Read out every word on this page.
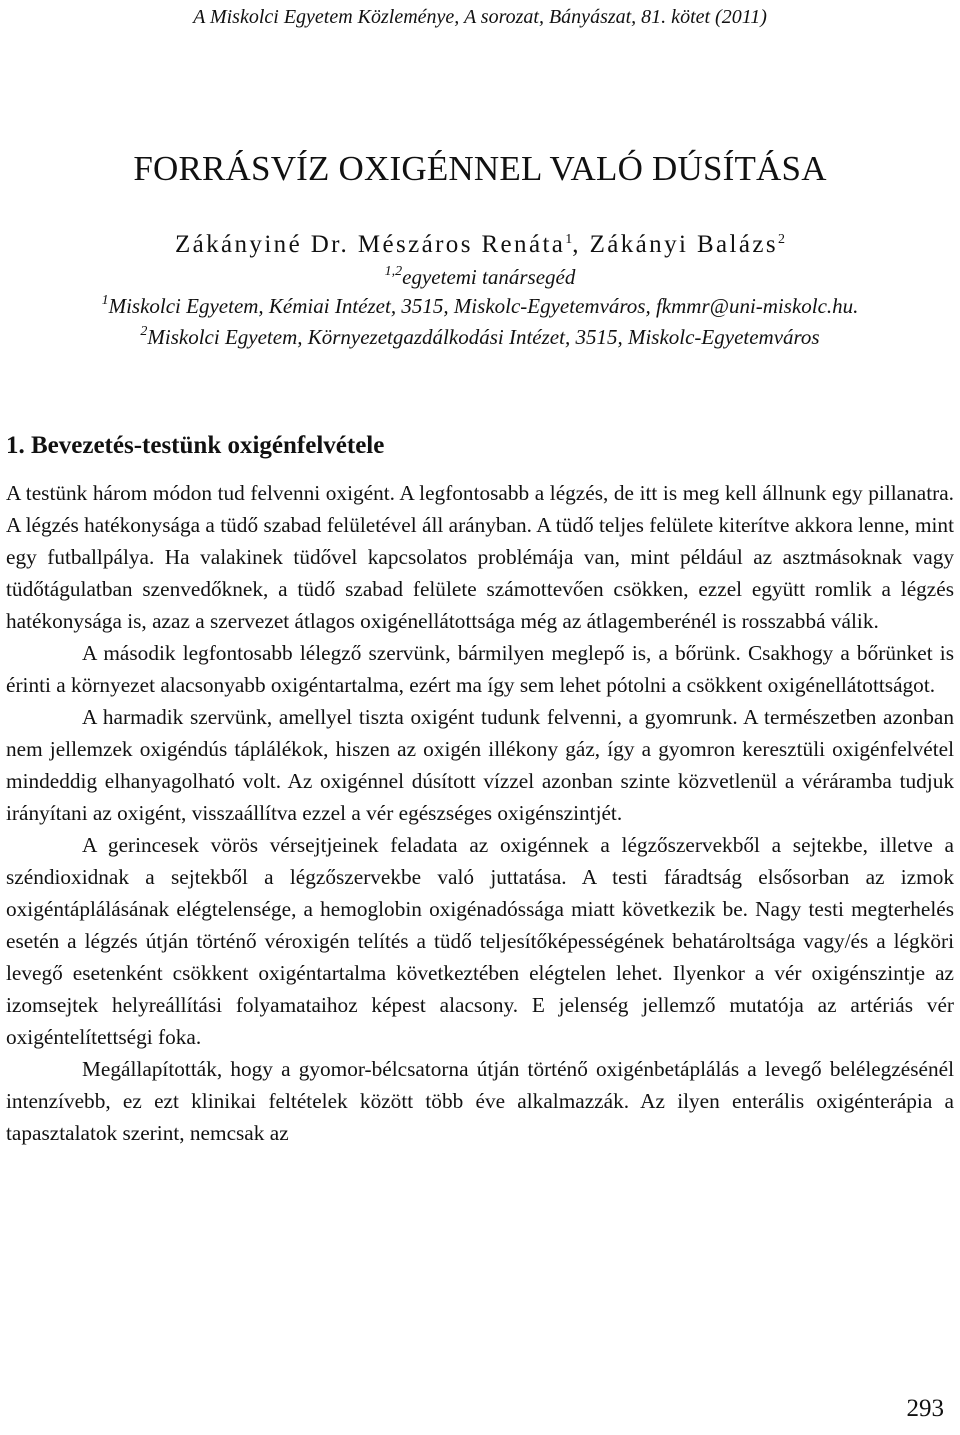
A Miskolci Egyetem Közleménye, A sorozat, Bányászat, 81. kötet (2011)
FORRÁSVÍZ OXIGÉNNEL VALÓ DÚSÍTÁSA
Zákányiné Dr. Mészáros Renáta$^1$, Zákányi Balázs$^2$
$^{1,2}$egyetemi tanársegéd
$^1$Miskolci Egyetem, Kémiai Intézet, 3515, Miskolc-Egyetemváros, fkmmr@uni-miskolc.hu.
$^2$Miskolci Egyetem, Környezetgazdálkodási Intézet, 3515, Miskolc-Egyetemváros
1. Bevezetés-testünk oxigénfelvétele

A testünk három módon tud felvenni oxigént. A legfontosabb a légzés, de itt is meg kell állnunk egy pillanatra. A légzés hatékonysága a tüdő szabad felületével áll arányban. A tüdő teljes felülete kiterítve akkora lenne, mint egy futballpálya. Ha valakinek tüdővel kapcsolatos problémája van, mint például az asztmásoknak vagy tüdőtágulatban szenvedőknek, a tüdő szabad felülete számottevően csökken, ezzel együtt romlik a légzés hatékonysága is, azaz a szervezet átlagos oxigénellátottsága még az átlagemberénél is rosszabbá válik.

A második legfontosabb lélegző szervünk, bármilyen meglepő is, a bőrünk. Csakhogy a bőrünket is érinti a környezet alacsonyabb oxigéntartalma, ezért ma így sem lehet pótolni a csökkent oxigénellátottságot.

A harmadik szervünk, amellyel tiszta oxigént tudunk felvenni, a gyomrunk. A természetben azonban nem jellemzek oxigéndús táplálékok, hiszen az oxigén illékony gáz, így a gyomron keresztüli oxigénfelvétel mindeddig elhanyagolható volt. Az oxigénnel dúsított vízzel azonban szinte közvetlenül a véráramba tudjuk irányítani az oxigént, visszaállítva ezzel a vér egészséges oxigénszintjét.

A gerincesek vörös vérsejtjeinek feladata az oxigénnek a légzőszervekből a sejtekbe, illetve a széndioxidnak a sejtekből a légzőszervekbe való juttatása. A testi fáradtság elsősorban az izmok oxigéntáplálásának elégtelensége, a hemoglobin oxigénadóssága miatt következik be. Nagy testi megterhelés esetén a légzés útján történő véroxigén telítés a tüdő teljesítőképességének behatároltsága vagy/és a légköri levegő esetenként csökkent oxigéntartalma következtében elégtelen lehet. Ilyenkor a vér oxigénszintje az izomsejtek helyreállítási folyamataihoz képest alacsony. E jelenség jellemző mutatója az artériás vér oxigéntelítettségi foka.

Megállapították, hogy a gyomor-bélcsatorna útján történő oxigénbetáplálás a levegő belélegzésénél intenzívebb, ez ezt klinikai feltételek között több éve alkalmazzák. Az ilyen enterális oxigénterápia a tapasztalatok szerint, nemcsak az

293
